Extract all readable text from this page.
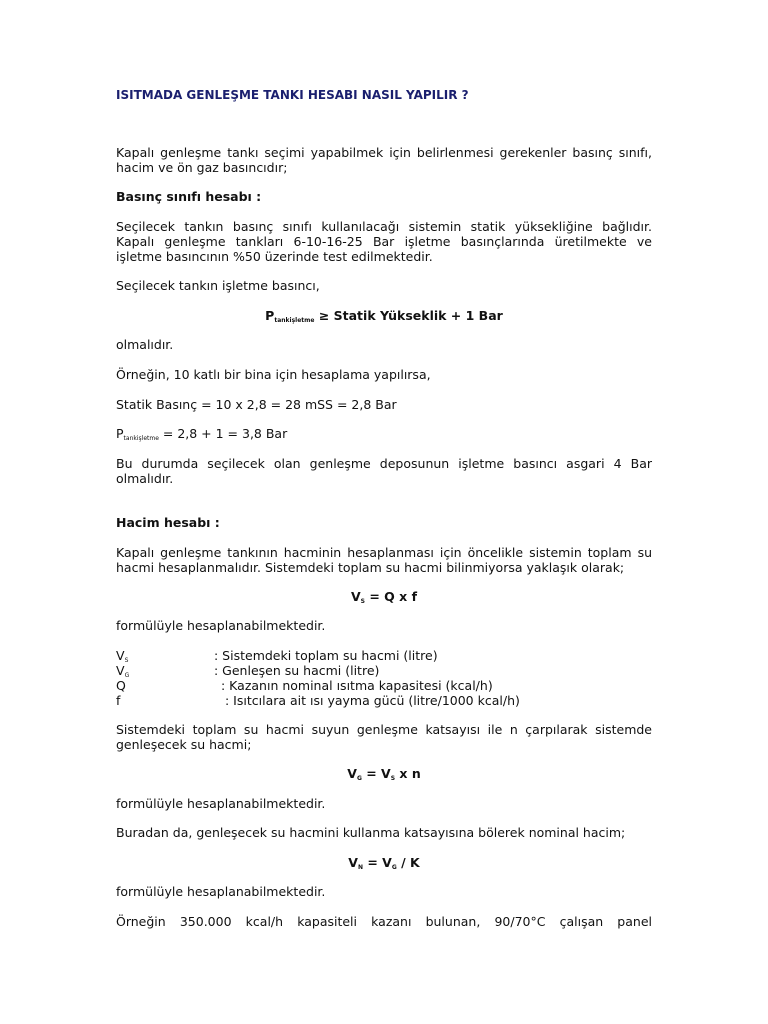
ISITMADA GENLEŞME TANKI HESABI NASIL YAPILIR ?
Kapalı genleşme tankı seçimi yapabilmek için belirlenmesi gerekenler basınç sınıfı,
hacim ve ön gaz basıncıdır;
Basınç sınıfı hesabı :
Seçilecek tankın basınç sınıfı kullanılacağı sistemin statik yüksekliğine bağlıdır.
Kapalı genleşme tankları 6-10-16-25 Bar işletme basınçlarında üretilmekte ve
işletme basıncının %50 üzerinde test edilmektedir.
Seçilecek tankın işletme basıncı,
$P_{tankişletme}$ ≥ Statik Yükseklik + 1 Bar
olmalıdır.
Örneğin, 10 katlı bir bina için hesaplama yapılırsa,
Statik Basınç = 10 x 2,8 = 28 mSS = 2,8 Bar
$P_{tankişletme} = 2,8 + 1 = 3,8$ Bar
Bu durumda seçilecek olan genleşme deposunun işletme basıncı asgari 4 Bar
olmalıdır.
Hacim hesabı :
Kapalı genleşme tankının hacminin hesaplanması için öncelikle sistemin toplam su
hacmi hesaplanmalıdır. Sistemdeki toplam su hacmi bilinmiyorsa yaklaşık olarak;
$V_S = Q$ x f
formülüyle hesaplanabilmektedir.
$V_S$	: Sistemdeki toplam su hacmi (litre)
$V_G$	: Genleşen su hacmi (litre)
Q	: Kazanın nominal ısıtma kapasitesi (kcal/h)
f	: Isıtcılara ait ısı yayma gücü (litre/1000 kcal/h)
Sistemdeki toplam su hacmi suyun genleşme katsayısı ile n çarpılarak sistemde
genleşecek su hacmi;
$V_G = V_S$ x n
formülüyle hesaplanabilmektedir.
Buradan da, genleşecek su hacmini kullanma katsayısına bölerek nominal hacim;
$V_N = V_G / K$
formülüyle hesaplanabilmektedir.
Örneğin 350.000 kcal/h kapasiteli kazanı bulunan, 90/70°C çalışan panel
